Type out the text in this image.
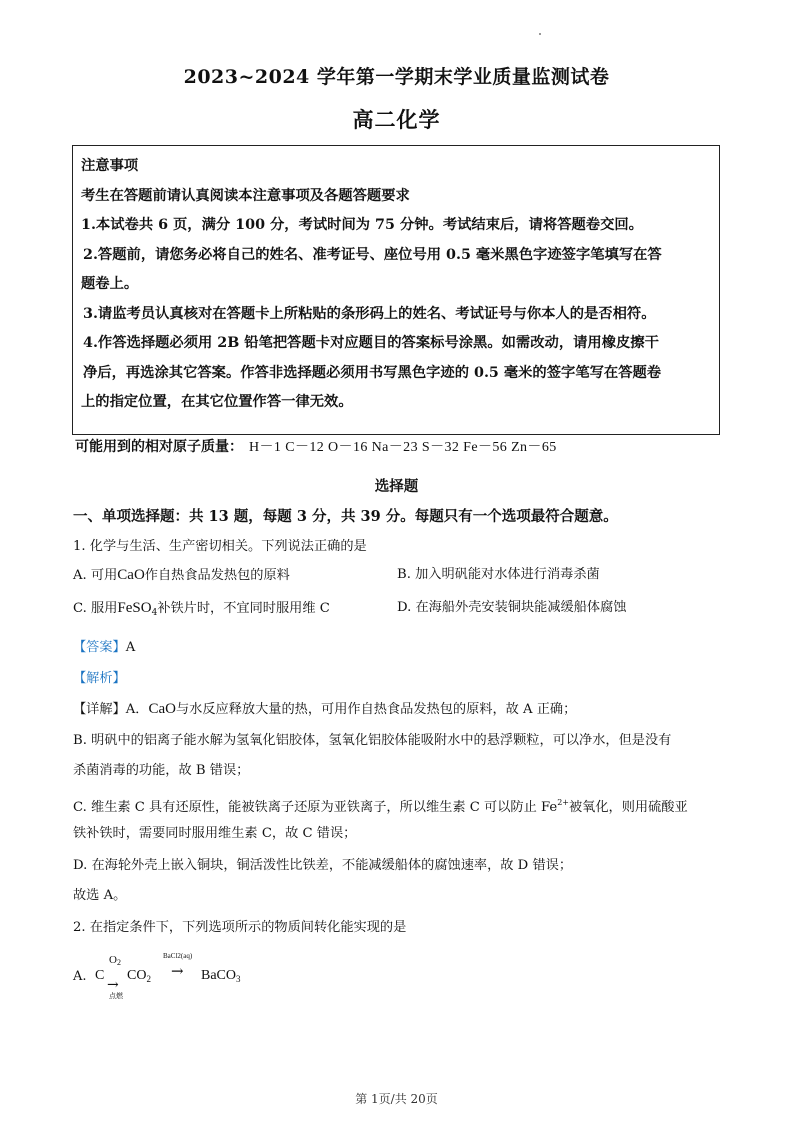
2023~2024 学年第一学期末学业质量监测试卷
高二化学

注意事项

考生在答题前请认真阅读本注意事项及各题答题要求

1.本试卷共 6 页，满分 100 分，考试时间为 75 分钟。考试结束后，请将答题卷交回。

2.答题前，请您务必将自己的姓名、准考证号、座位号用 0.5 毫米黑色字迹签字笔填写在答

题卷上。

3.请监考员认真核对在答题卡上所粘贴的条形码上的姓名、考试证号与你本人的是否相符。

4.作答选择题必须用 2B 铅笔把答题卡对应题目的答案标号涂黑。如需改动，请用橡皮擦干

净后，再选涂其它答案。作答非选择题必须用书写黑色字迹的 0.5 毫米的签字笔写在答题卷

上的指定位置，在其它位置作答一律无效。

可能用到的相对原子质量： H－1 C－12 O－16 Na－23 S－32 Fe－56 Zn－65
选择题
一、单项选择题：共 13 题，每题 3 分，共 39 分。每题只有一个选项最符合题意。
1. 化学与生活、生产密切相关。下列说法正确的是
A. 可用CaO作自热食品发热包的原料	B. 加入明矾能对水体进行消毒杀菌
C. 服用FeSO$_4$补铁片时，不宜同时服用维 C	D. 在海船外壳安装铜块能减缓船体腐蚀
【答案】A
【解析】
【详解】A．CaO与水反应释放大量的热，可用作自热食品发热包的原料，故 A 正确；
B. 明矾中的铝离子能水解为氢氧化铝胶体，氢氧化铝胶体能吸附水中的悬浮颗粒，可以净水，但是没有
杀菌消毒的功能，故 B 错误；
C. 维生素 C 具有还原性，能被铁离子还原为亚铁离子，所以维生素 C 可以防止 $Fe^{2+}$被氧化，则用硫酸亚
铁补铁时，需要同时服用维生素 C，故 C 错误；
D. 在海轮外壳上嵌入铜块，铜活泼性比铁差，不能减缓船体的腐蚀速率，故 D 错误；
故选 A。
2. 在指定条件下，下列选项所示的物质间转化能实现的是
A. C
O2
→
点燃
$CO_2$
BaCl2(aq)
→ BaCO$_3$
第 1页/共 20页
